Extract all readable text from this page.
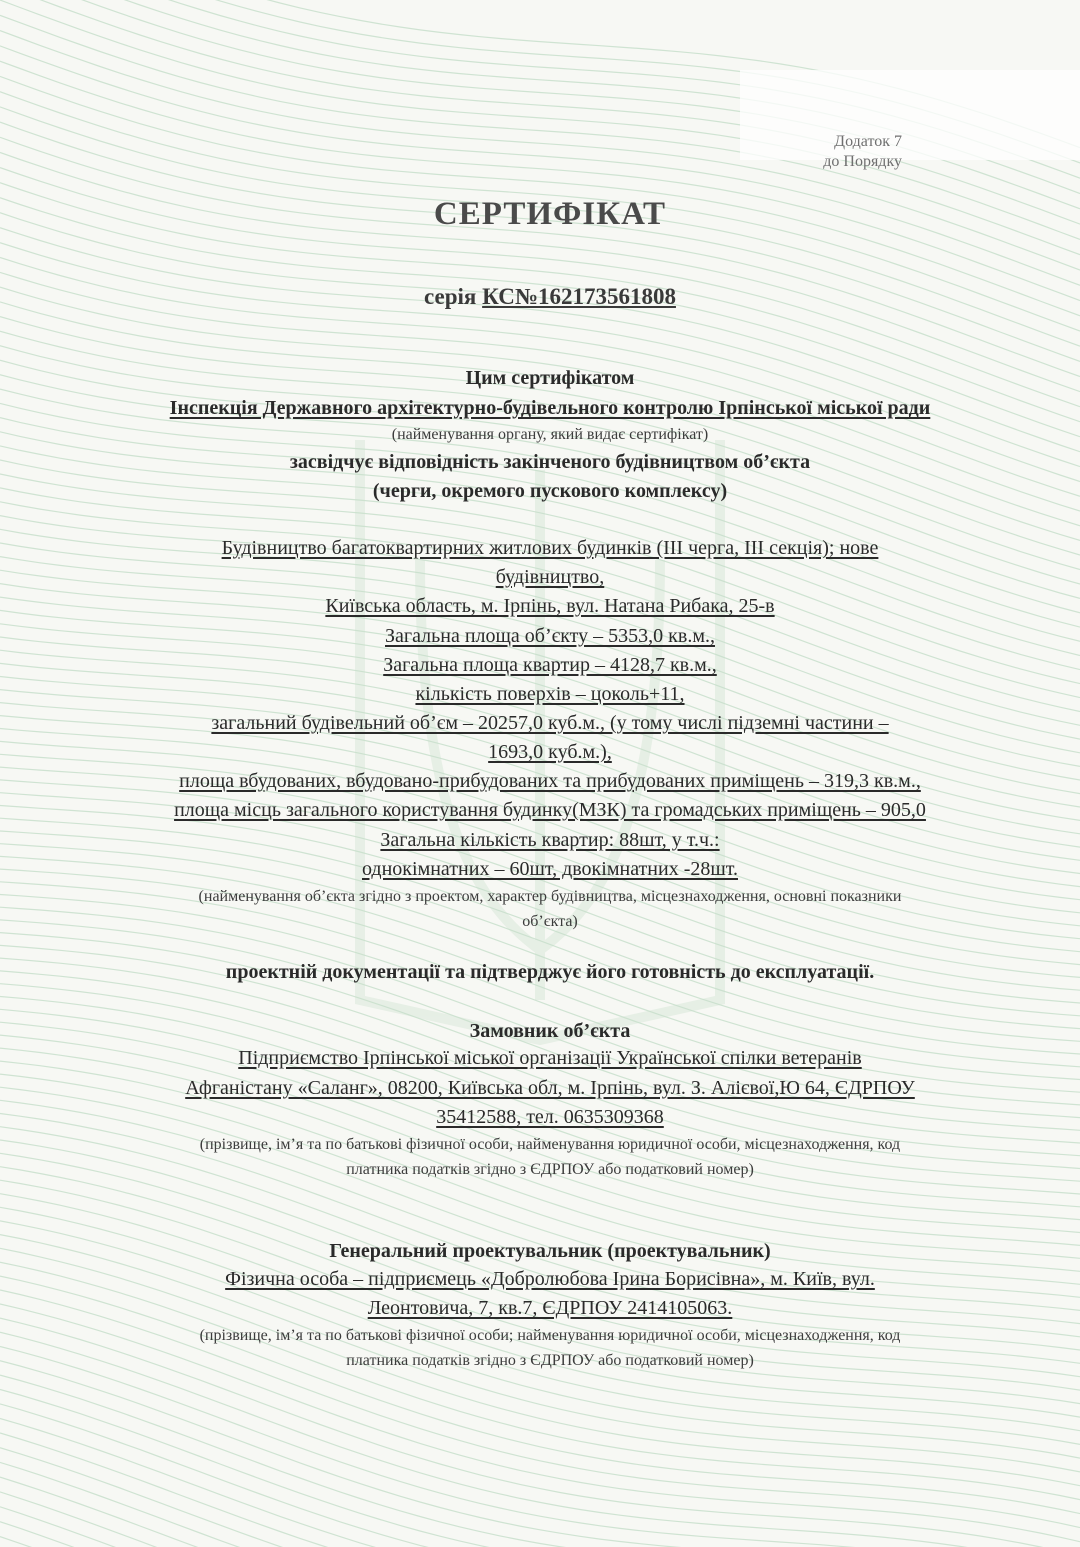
Додаток 7
до Порядку
СЕРТИФІКАТ
серія КС№162173561808
Цим сертифікатом
Інспекція Державного архітектурно-будівельного контролю Ірпінської міської ради
(найменування органу, який видає сертифікат)
засвідчує відповідність закінченого будівництвом об’єкта
(черги, окремого пускового комплексу)
Будівництво багатоквартирних житлових будинків (ІІІ черга, ІІІ секція); нове
будівництво,
Київська область, м. Ірпінь, вул. Натана Рибака, 25-в
Загальна площа об’єкту – 5353,0 кв.м.,
Загальна площа квартир – 4128,7 кв.м.,
кількість поверхів – цоколь+11,
загальний будівельний об’єм – 20257,0 куб.м., (у тому числі підземні частини –
1693,0 куб.м.),
площа вбудованих, вбудовано-прибудованих та прибудованих приміщень – 319,3 кв.м.,
площа місць загального користування будинку(МЗК) та громадських приміщень – 905,0
Загальна кількість квартир: 88шт, у т.ч.:
однокімнатних – 60шт, двокімнатних -28шт.
(найменування об’єкта згідно з проектом, характер будівництва, місцезнаходження, основні показники
об’єкта)
проектній документації та підтверджує його готовність до експлуатації.
Замовник об’єкта
Підприємство Ірпінської міської організації Української спілки ветеранів
Афганістану «Саланг», 08200, Київська обл, м. Ірпінь, вул. З. Алієвої,Ю 64, ЄДРПОУ
35412588, тел. 0635309368
(прізвище, ім’я та по батькові фізичної особи, найменування юридичної особи, місцезнаходження, код
платника податків згідно з ЄДРПОУ або податковий номер)
Генеральний проектувальник (проектувальник)
Фізична особа – підприємець «Добролюбова Ірина Борисівна», м. Київ, вул.
Леонтовича, 7, кв.7, ЄДРПОУ 2414105063.
(прізвище, ім’я та по батькові фізичної особи; найменування юридичної особи, місцезнаходження, код
платника податків згідно з ЄДРПОУ або податковий номер)
